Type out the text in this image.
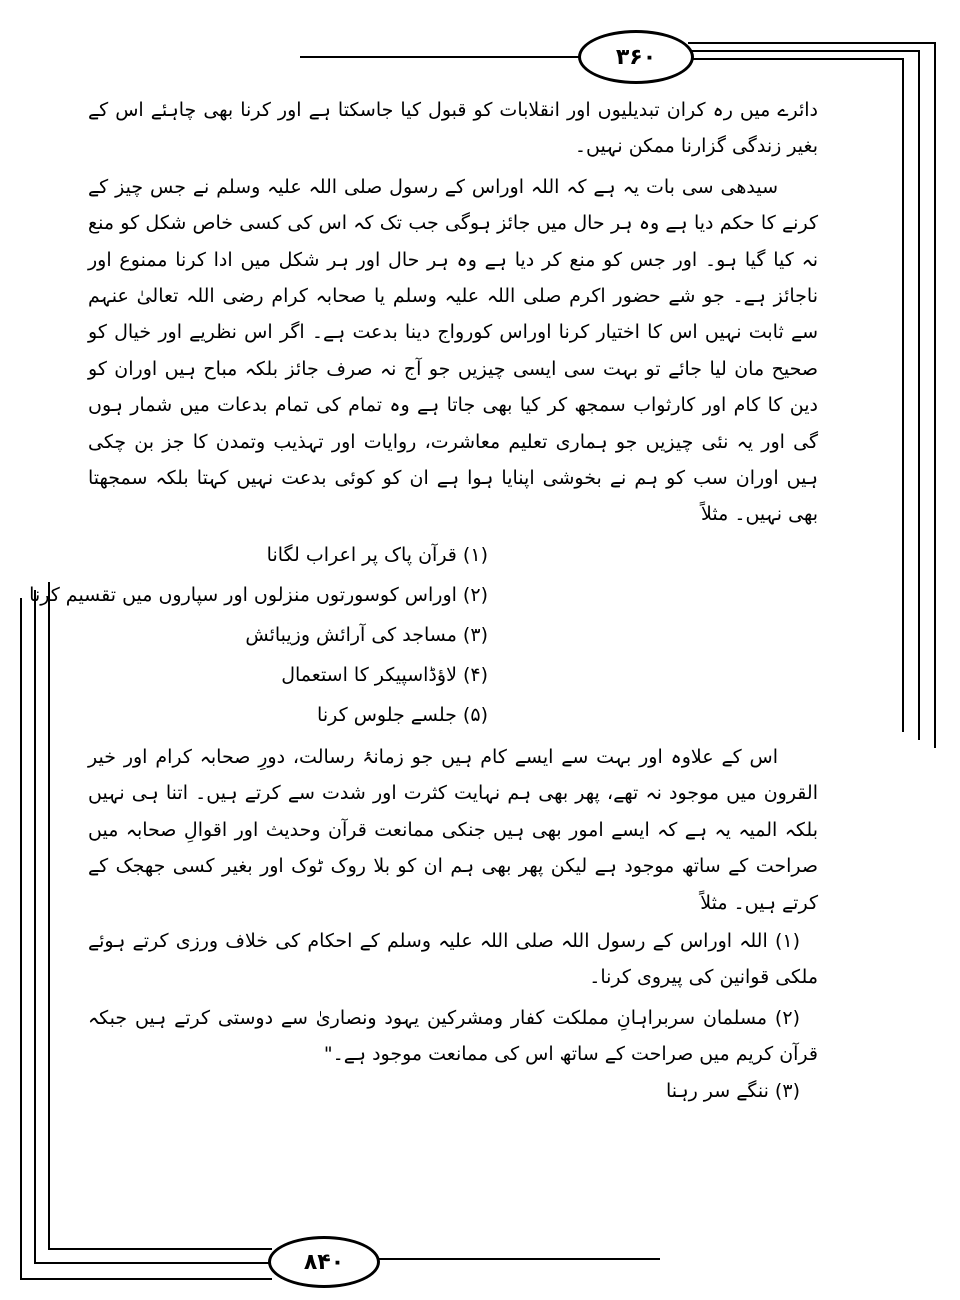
۳۶۰
۸۴۰

دائرے میں رہ کران تبدیلیوں اور انقلابات کو قبول کیا جاسکتا ہے اور کرنا بھی چاہئے اس کے بغیر زندگی گزارنا ممکن نہیں۔

سیدھی سی بات یہ ہے کہ اللہ اوراس کے رسول صلی اللہ علیہ وسلم نے جس چیز کے کرنے کا حکم دیا ہے وہ ہر حال میں جائز ہوگی جب تک کہ اس کی کسی خاص شکل کو منع نہ کیا گیا ہو۔ اور جس کو منع کر دیا ہے وہ ہر حال اور ہر شکل میں ادا کرنا ممنوع اور ناجائز ہے۔ جو شے حضور اکرم صلی اللہ علیہ وسلم یا صحابہ کرام رضی اللہ تعالیٰ عنہم سے ثابت نہیں اس کا اختیار کرنا اوراس کورواج دینا بدعت ہے۔ اگر اس نظریے اور خیال کو صحیح مان لیا جائے تو بہت سی ایسی چیزیں جو آج نہ صرف جائز بلکہ مباح ہیں اوران کو دین کا کام اور کارثواب سمجھ کر کیا بھی جاتا ہے وہ تمام کی تمام بدعات میں شمار ہوں گی اور یہ نئی چیزیں جو ہماری تعلیم معاشرت، روایات اور تہذیب وتمدن کا جز بن چکی ہیں اوران سب کو ہم نے بخوشی اپنایا ہوا ہے ان کو کوئی بدعت نہیں کہتا بلکہ سمجھتا بھی نہیں۔ مثلاً

(۱) قرآن پاک پر اعراب لگانا

(۲) اوراس کوسورتوں منزلوں اور سپاروں میں تقسیم کرنا

(۳) مساجد کی آرائش وزیبائش

(۴) لاؤڈاسپیکر کا استعمال

(۵) جلسے جلوس کرنا

اس کے علاوہ اور بہت سے ایسے کام ہیں جو زمانۂ رسالت، دورِ صحابہ کرام اور خیر القرون میں موجود نہ تھے، پھر بھی ہم نہایت کثرت اور شدت سے کرتے ہیں۔ اتنا ہی نہیں بلکہ المیہ یہ ہے کہ ایسے امور بھی ہیں جنکی ممانعت قرآن وحدیث اور اقوالِ صحابہ میں صراحت کے ساتھ موجود ہے لیکن پھر بھی ہم ان کو بلا روک ٹوک اور بغیر کسی جھجک کے کرتے ہیں۔ مثلاً

(۱) اللہ اوراس کے رسول اللہ صلی اللہ علیہ وسلم کے احکام کی خلاف ورزی کرتے ہوئے ملکی قوانین کی پیروی کرنا۔

(۲) مسلمان سربراہانِ مملکت کفار ومشرکین یہود ونصاریٰ سے دوستی کرتے ہیں جبکہ قرآن کریم میں صراحت کے ساتھ اس کی ممانعت موجود ہے۔"

(۳) ننگے سر رہنا
